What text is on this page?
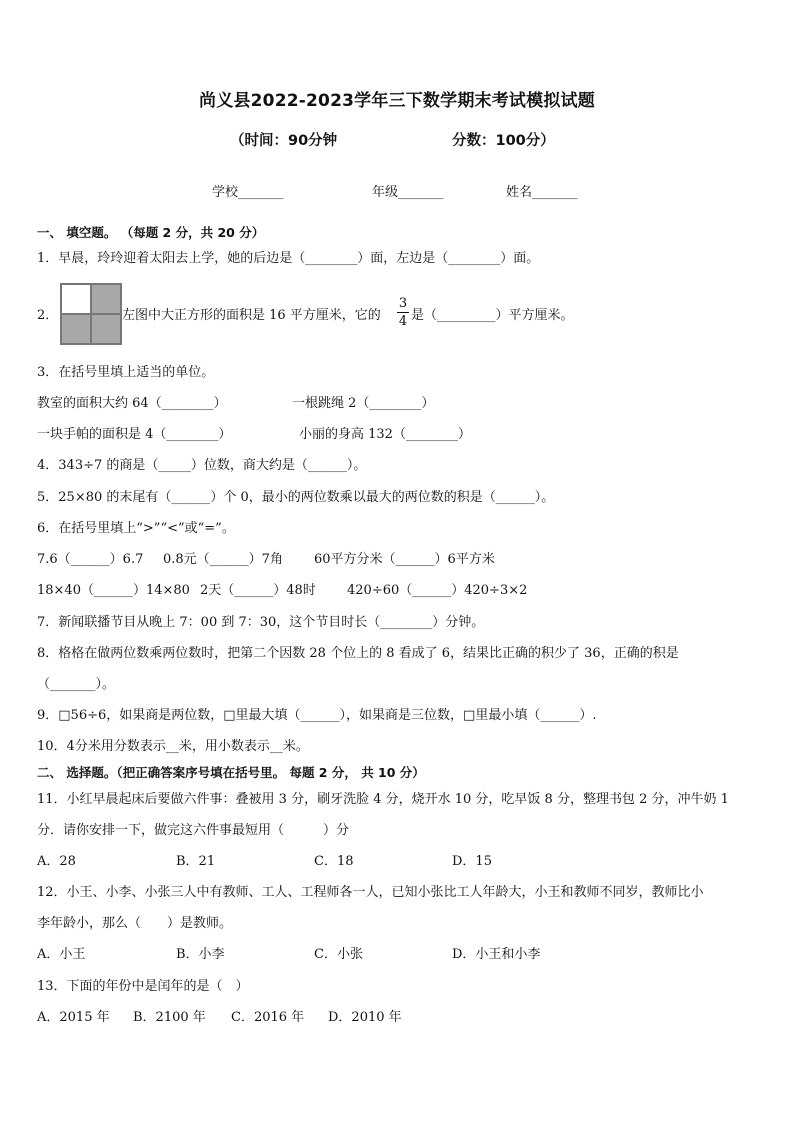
尚义县2022-2023学年三下数学期末考试模拟试题
（时间：90分钟	分数：100分）
学校_______	年级_______	姓名_______
一、 填空题。 （每题 2 分，共 20 分）
1．早晨，玲玲迎着太阳去上学，她的后边是（________）面，左边是（________）面。
2．	左图中大正方形的面积是 16 平方厘米，它的
3
4 是（_________）平方厘米。
3．在括号里填上适当的单位。
教室的面积大约 64（________）	一根跳绳 2（________）
一块手帕的面积是 4（________）	小丽的身高 132（________）
4．343÷7 的商是（_____）位数，商大约是（______）。
5．25×80 的末尾有（______）个 0，最小的两位数乘以最大的两位数的积是（______）。
6．在括号里填上“>”“<”或“=”。
7.6（______）6.7 0.8元（______）7角 60平方分米（______）6平方米
18×40（______）14×80 2天（______）48时 420÷60（______）420÷3×2
7．新闻联播节目从晚上 7：00 到 7：30，这个节目时长（________）分钟。
8．格格在做两位数乘两位数时，把第二个因数 28 个位上的 8 看成了 6，结果比正确的积少了 36，正确的积是
（_______）。
9．□56÷6，如果商是两位数，□里最大填（______），如果商是三位数，□里最小填（______）.
10．4分米用分数表示__米，用小数表示__米。
二、 选择题。（把正确答案序号填在括号里。 每题 2 分， 共 10 分）
11．小红早晨起床后要做六件事：叠被用 3 分，刷牙洗脸 4 分，烧开水 10 分，吃早饭 8 分，整理书包 2 分，冲牛奶 1
分．请你安排一下，做完这六件事最短用（　　　）分
A．28	B．21	C．18	D．15
12．小王、小李、小张三人中有教师、工人、工程师各一人，已知小张比工人年龄大，小王和教师不同岁，教师比小
李年龄小，那么（　　）是教师。
A．小王	B．小李	C．小张	D．小王和小李
13．下面的年份中是闰年的是（　）
A．2015 年 B．2100 年 C．2016 年 D．2010 年
